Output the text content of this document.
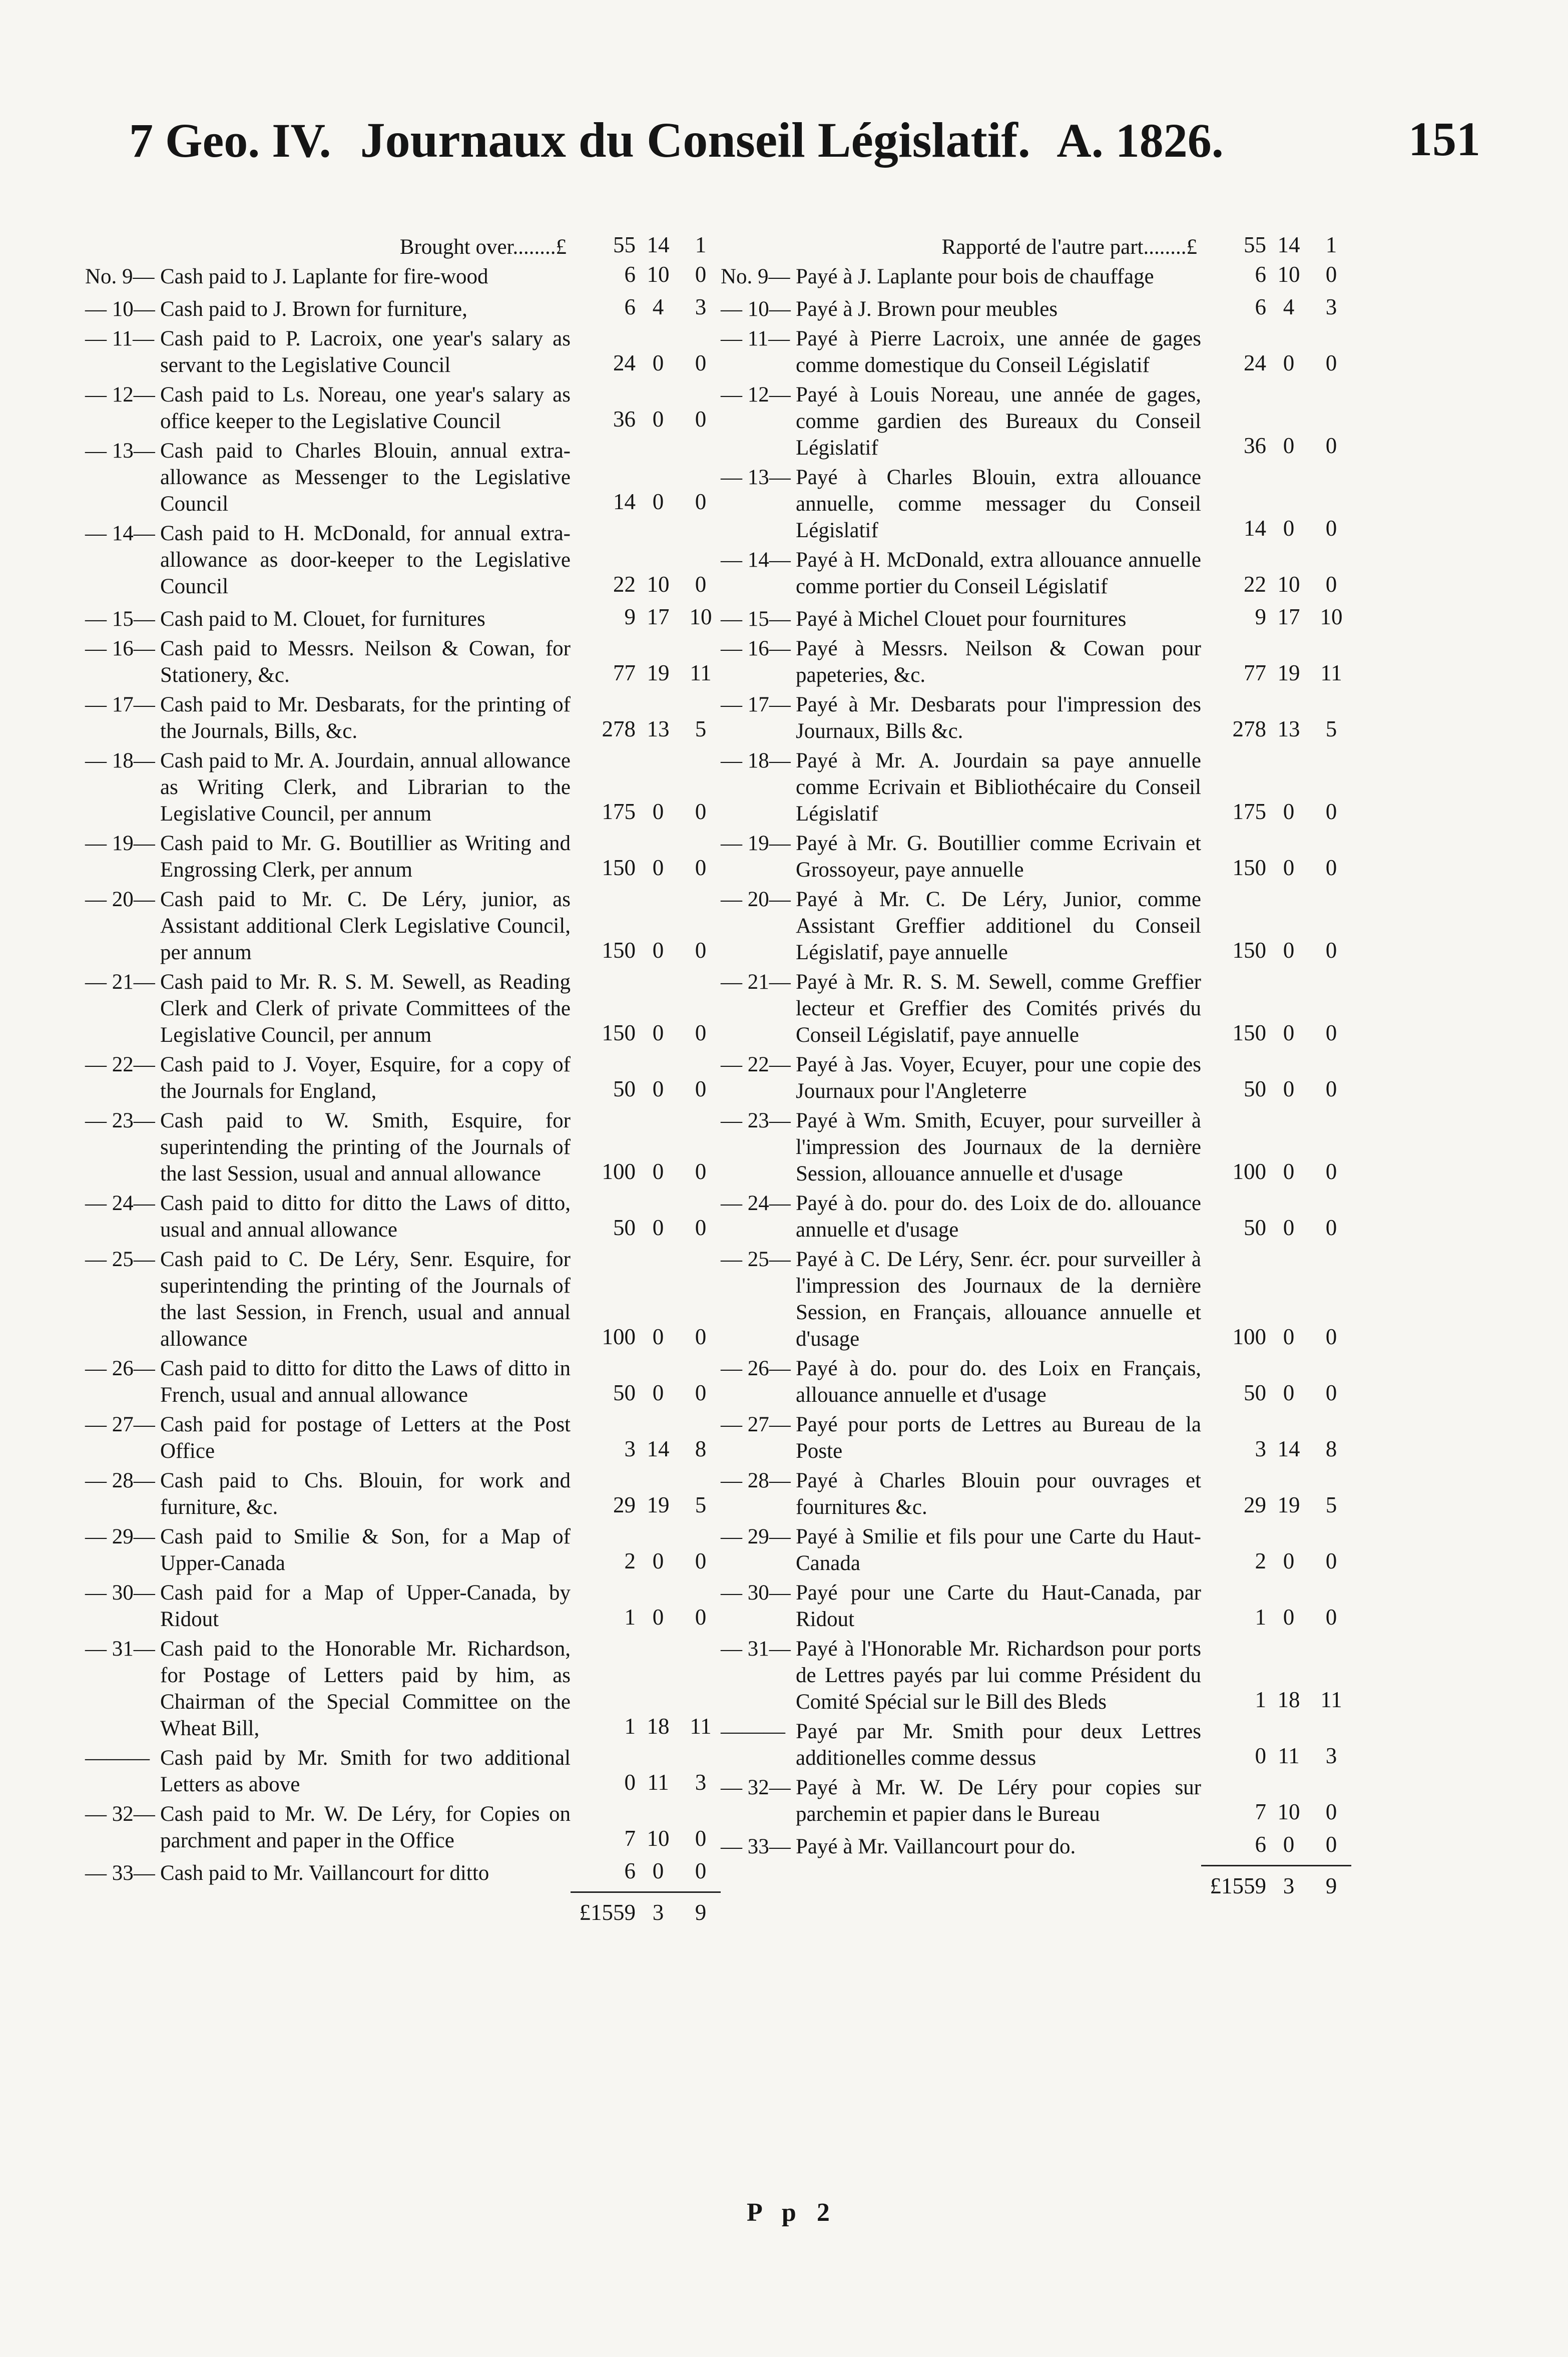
7 Geo. IV. Journaux du Conseil Législatif. A. 1826.	151
Brought over........£	55 14	1
No. 9— Cash paid to J. Laplante for fire-wood	6 10	0
— 10— Cash paid to J. Brown for furniture,	6 4	3
— 11— Cash paid to P. Lacroix, one year's salary as servant to the Legislative Council	24 0	0
— 12— Cash paid to Ls. Noreau, one year's salary as office keeper to the Legislative Council	36 0	0
— 13— Cash paid to Charles Blouin, annual extra-allowance as Messenger to the Legislative Council	14 0	0
— 14— Cash paid to H. McDonald, for annual extra-allowance as door-keeper to the Legislative Council	22 10	0
— 15— Cash paid to M. Clouet, for furnitures	9 17 10
— 16— Cash paid to Messrs. Neilson & Cowan, for Stationery, &c.	77 19 11
— 17— Cash paid to Mr. Desbarats, for the printing of the Journals, Bills, &c.	278 13	5
— 18— Cash paid to Mr. A. Jourdain, annual allowance as Writing Clerk, and Librarian to the Legislative Council, per annum	175 0	0
— 19— Cash paid to Mr. G. Boutillier as Writing and Engrossing Clerk, per annum	150 0	0
— 20— Cash paid to Mr. C. De Léry, junior, as Assistant additional Clerk Legislative Council, per annum	150 0	0
— 21— Cash paid to Mr. R. S. M. Sewell, as Reading Clerk and Clerk of private Committees of the Legislative Council, per annum	150 0	0
— 22— Cash paid to J. Voyer, Esquire, for a copy of the Journals for England,	50 0	0
— 23— Cash paid to W. Smith, Esquire, for superintending the printing of the Journals of the last Session, usual and annual allowance	100 0	0
— 24— Cash paid to ditto for ditto the Laws of ditto, usual and annual allowance	50 0	0
— 25— Cash paid to C. De Léry, Senr. Esquire, for superintending the printing of the Journals of the last Session, in French, usual and annual allowance	100 0	0
— 26— Cash paid to ditto for ditto the Laws of ditto in French, usual and annual allowance	50 0	0
— 27— Cash paid for postage of Letters at the Post Office	3 14	8
— 28— Cash paid to Chs. Blouin, for work and furniture, &c.	29 19	5
— 29— Cash paid to Smilie & Son, for a Map of Upper-Canada	2 0	0
— 30— Cash paid for a Map of Upper-Canada, by Ridout	1 0	0
— 31— Cash paid to the Honorable Mr. Richardson, for Postage of Letters paid by him, as Chairman of the Special Committee on the Wheat Bill,	1 18 11
——— Cash paid by Mr. Smith for two additional Letters as above	0 11	3
— 32— Cash paid to Mr. W. De Léry, for Copies on parchment and paper in the Office	7 10	0
— 33— Cash paid to Mr. Vaillancourt for ditto	6 0	0
£1559 3	9
Rapporté de l'autre part........£	55 14	1
No. 9— Payé à J. Laplante pour bois de chauffage	6 10	0
— 10— Payé à J. Brown pour meubles	6 4	3
— 11— Payé à Pierre Lacroix, une année de gages comme domestique du Conseil Législatif	24 0	0
— 12— Payé à Louis Noreau, une année de gages, comme gardien des Bureaux du Conseil Législatif	36 0	0
— 13— Payé à Charles Blouin, extra allouance annuelle, comme messager du Conseil Législatif	14 0	0
— 14— Payé à H. McDonald, extra allouance annuelle comme portier du Conseil Législatif	22 10	0
— 15— Payé à Michel Clouet pour fournitures	9 17 10
— 16— Payé à Messrs. Neilson & Cowan pour papeteries, &c.	77 19 11
— 17— Payé à Mr. Desbarats pour l'impression des Journaux, Bills &c.	278 13	5
— 18— Payé à Mr. A. Jourdain sa paye annuelle comme Ecrivain et Bibliothécaire du Conseil Législatif	175 0	0
— 19— Payé à Mr. G. Boutillier comme Ecrivain et Grossoyeur, paye annuelle	150 0	0
— 20— Payé à Mr. C. De Léry, Junior, comme Assistant Greffier additionel du Conseil Législatif, paye annuelle	150 0	0
— 21— Payé à Mr. R. S. M. Sewell, comme Greffier lecteur et Greffier des Comités privés du Conseil Législatif, paye annuelle	150 0	0
— 22— Payé à Jas. Voyer, Ecuyer, pour une copie des Journaux pour l'Angleterre	50 0	0
— 23— Payé à Wm. Smith, Ecuyer, pour surveiller à l'impression des Journaux de la dernière Session, allouance annuelle et d'usage	100 0	0
— 24— Payé à do. pour do. des Loix de do. allouance annuelle et d'usage	50 0	0
— 25— Payé à C. De Léry, Senr. écr. pour surveiller à l'impression des Journaux de la dernière Session, en Français, allouance annuelle et d'usage	100 0	0
— 26— Payé à do. pour do. des Loix en Français, allouance annuelle et d'usage	50 0	0
— 27— Payé pour ports de Lettres au Bureau de la Poste	3 14	8
— 28— Payé à Charles Blouin pour ouvrages et fournitures &c.	29 19	5
— 29— Payé à Smilie et fils pour une Carte du Haut-Canada	2 0	0
— 30— Payé pour une Carte du Haut-Canada, par Ridout	1 0	0
— 31— Payé à l'Honorable Mr. Richardson pour ports de Lettres payés par lui comme Président du Comité Spécial sur le Bill des Bleds	1 18 11
——— Payé par Mr. Smith pour deux Lettres additionelles comme dessus	0 11	3
— 32— Payé à Mr. W. De Léry pour copies sur parchemin et papier dans le Bureau	7 10	0
— 33— Payé à Mr. Vaillancourt pour do.	6 0	0
£1559 3	9
P p 2
